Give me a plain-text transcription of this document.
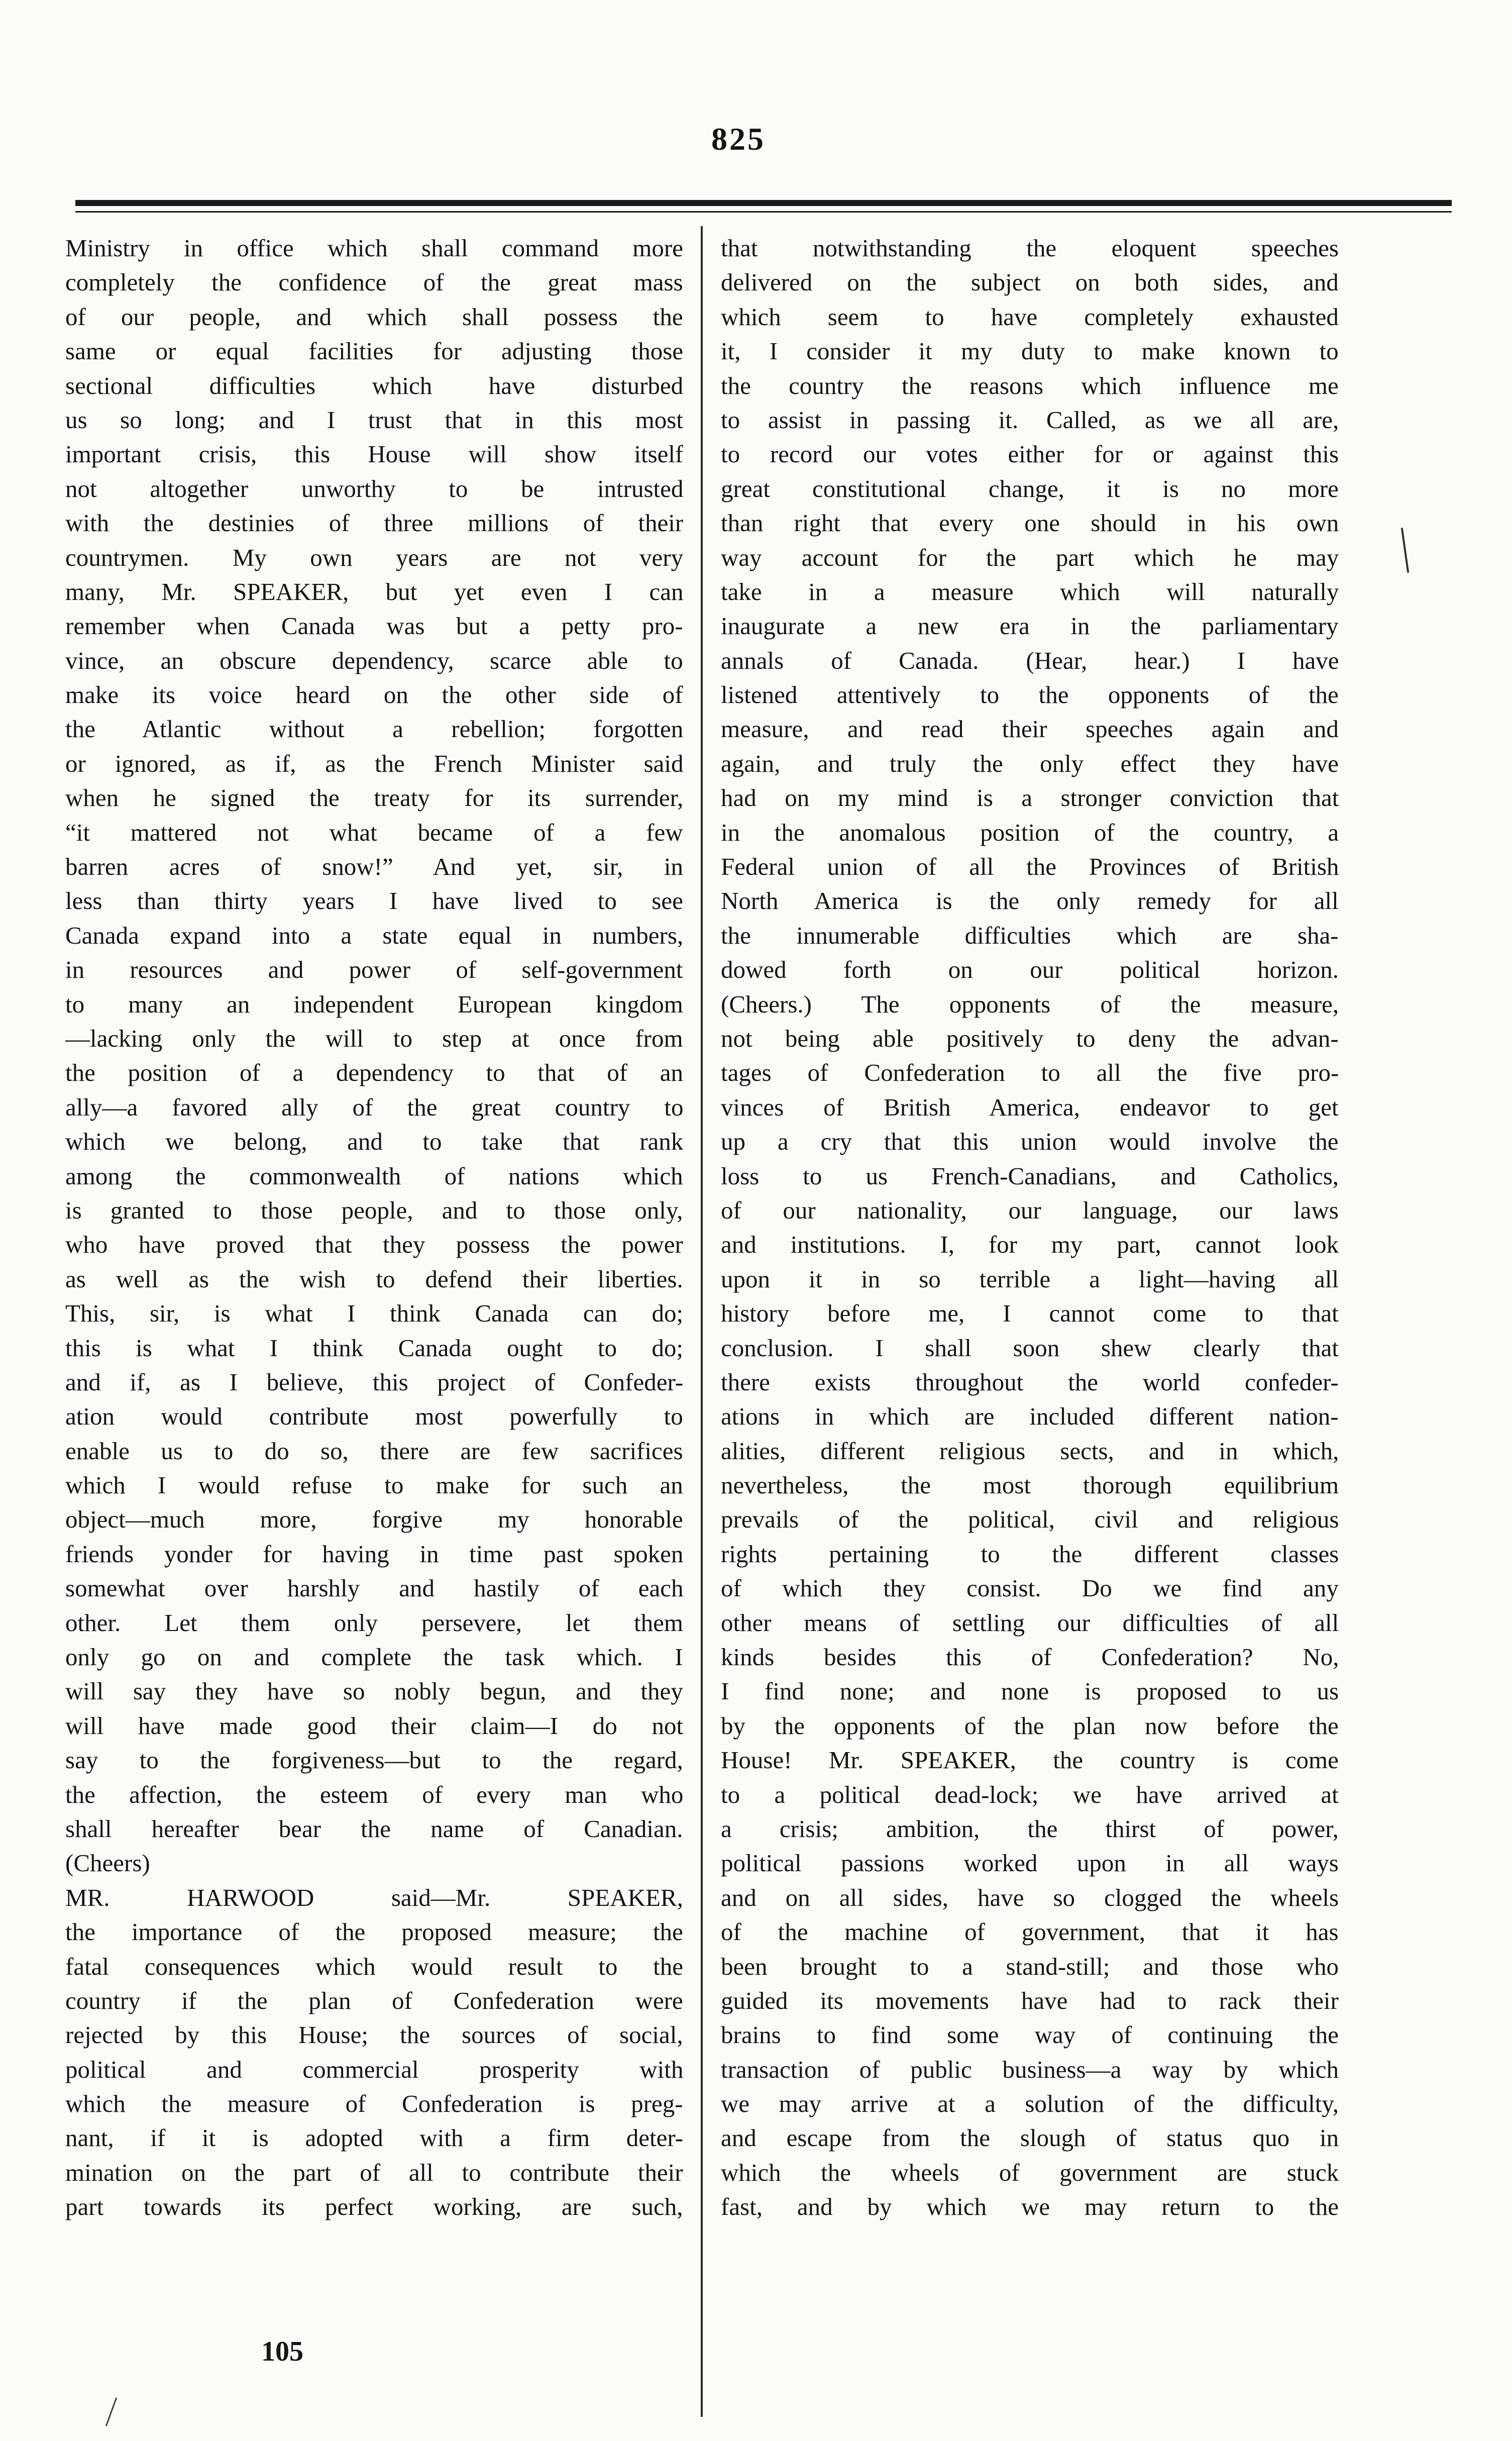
825
Ministry in office which shall command more
completely the confidence of the great mass
of our people, and which shall possess the
same or equal facilities for adjusting those
sectional difficulties which have disturbed
us so long; and I trust that in this most
important crisis, this House will show itself
not altogether unworthy to be intrusted
with the destinies of three millions of their
countrymen. My own years are not very
many, Mr. SPEAKER, but yet even I can
remember when Canada was but a petty pro-
vince, an obscure dependency, scarce able to
make its voice heard on the other side of
the Atlantic without a rebellion; forgotten
or ignored, as if, as the French Minister said
when he signed the treaty for its surrender,
“it mattered not what became of a few
barren acres of snow!” And yet, sir, in
less than thirty years I have lived to see
Canada expand into a state equal in numbers,
in resources and power of self-government
to many an independent European kingdom
—lacking only the will to step at once from
the position of a dependency to that of an
ally—a favored ally of the great country to
which we belong, and to take that rank
among the commonwealth of nations which
is granted to those people, and to those only,
who have proved that they possess the power
as well as the wish to defend their liberties.
This, sir, is what I think Canada can do;
this is what I think Canada ought to do;
and if, as I believe, this project of Confeder-
ation would contribute most powerfully to
enable us to do so, there are few sacrifices
which I would refuse to make for such an
object—much more, forgive my honorable
friends yonder for having in time past spoken
somewhat over harshly and hastily of each
other. Let them only persevere, let them
only go on and complete the task which. I
will say they have so nobly begun, and they
will have made good their claim—I do not
say to the forgiveness—but to the regard,
the affection, the esteem of every man who
shall hereafter bear the name of Canadian.
(Cheers)
MR. HARWOOD said—Mr. SPEAKER,
the importance of the proposed measure; the
fatal consequences which would result to the
country if the plan of Confederation were
rejected by this House; the sources of social,
political and commercial prosperity with
which the measure of Confederation is preg-
nant, if it is adopted with a firm deter-
mination on the part of all to contribute their
part towards its perfect working, are such,
that notwithstanding the eloquent speeches
delivered on the subject on both sides, and
which seem to have completely exhausted
it, I consider it my duty to make known to
the country the reasons which influence me
to assist in passing it. Called, as we all are,
to record our votes either for or against this
great constitutional change, it is no more
than right that every one should in his own
way account for the part which he may
take in a measure which will naturally
inaugurate a new era in the parliamentary
annals of Canada. (Hear, hear.) I have
listened attentively to the opponents of the
measure, and read their speeches again and
again, and truly the only effect they have
had on my mind is a stronger conviction that
in the anomalous position of the country, a
Federal union of all the Provinces of British
North America is the only remedy for all
the innumerable difficulties which are sha-
dowed forth on our political horizon.
(Cheers.) The opponents of the measure,
not being able positively to deny the advan-
tages of Confederation to all the five pro-
vinces of British America, endeavor to get
up a cry that this union would involve the
loss to us French-Canadians, and Catholics,
of our nationality, our language, our laws
and institutions. I, for my part, cannot look
upon it in so terrible a light—having all
history before me, I cannot come to that
conclusion. I shall soon shew clearly that
there exists throughout the world confeder-
ations in which are included different nation-
alities, different religious sects, and in which,
nevertheless, the most thorough equilibrium
prevails of the political, civil and religious
rights pertaining to the different classes
of which they consist. Do we find any
other means of settling our difficulties of all
kinds besides this of Confederation? No,
I find none; and none is proposed to us
by the opponents of the plan now before the
House! Mr. SPEAKER, the country is come
to a political dead-lock; we have arrived at
a crisis; ambition, the thirst of power,
political passions worked upon in all ways
and on all sides, have so clogged the wheels
of the machine of government, that it has
been brought to a stand-still; and those who
guided its movements have had to rack their
brains to find some way of continuing the
transaction of public business—a way by which
we may arrive at a solution of the difficulty,
and escape from the slough of status quo in
which the wheels of government are stuck
fast, and by which we may return to the
105
